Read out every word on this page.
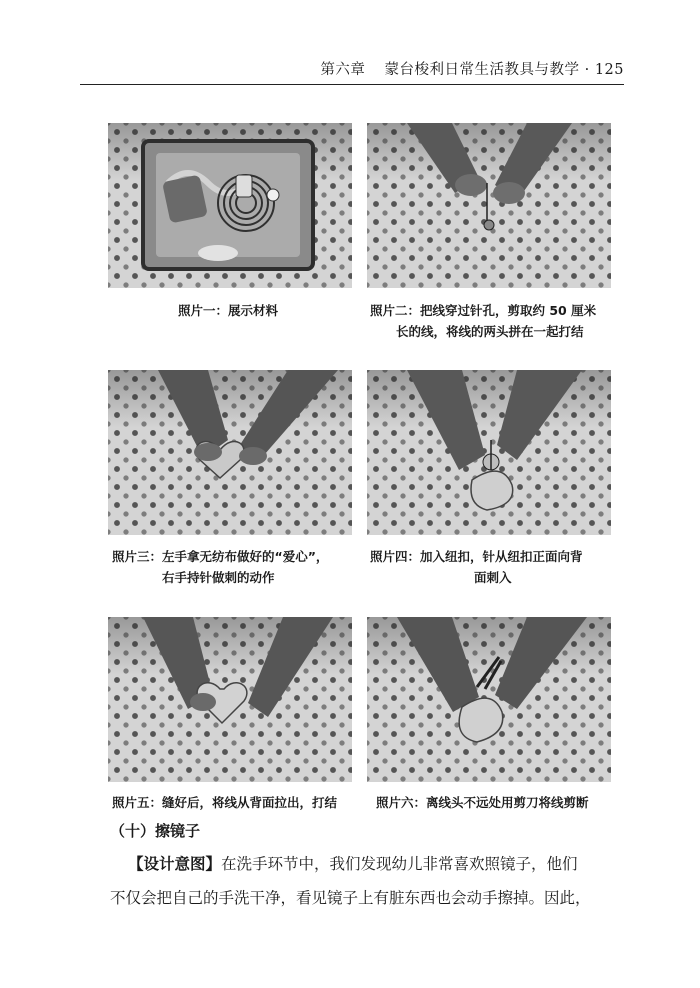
第六章 蒙台梭利日常生活教具与教学 · 125
照片一：展示材料	照片二：把线穿过针孔，剪取约 50 厘米
长的线，将线的两头拼在一起打结
照片三：左手拿无纺布做好的“爱心”，
右手持针做刺的动作
照片四：加入纽扣，针从纽扣正面向背
面刺入
照片五：缝好后，将线从背面拉出，打结	照片六：离线头不远处用剪刀将线剪断
（十）擦镜子
【设计意图】在洗手环节中，我们发现幼儿非常喜欢照镜子，他们
不仅会把自己的手洗干净，看见镜子上有脏东西也会动手擦掉。因此，
